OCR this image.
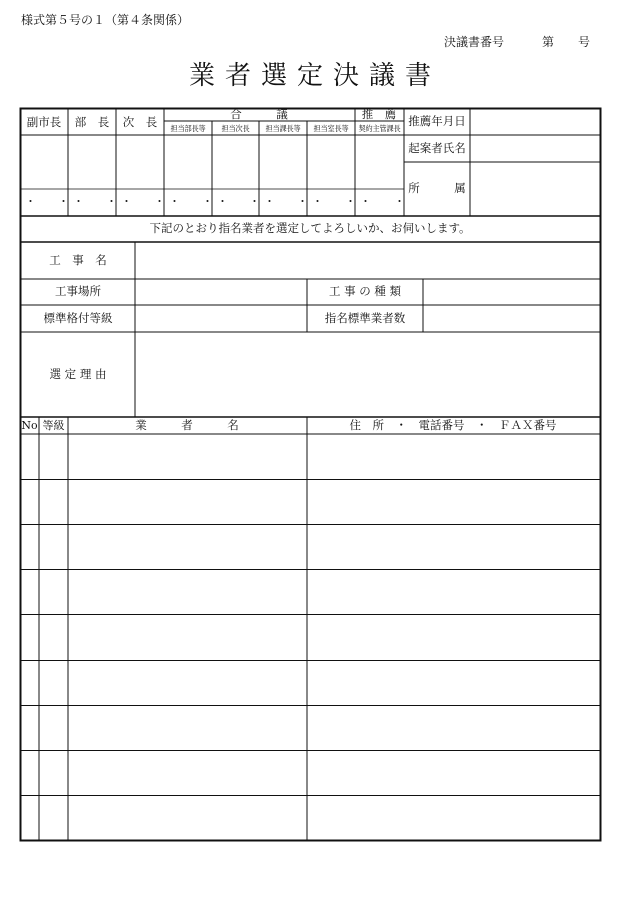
様式第５号の１（第４条関係）
決議書番号	第 号
業者選定決議書
副市長 部　長 次　長
合　　　議	推　薦
担当部長等 担当次長 担当課長等 担当室長等 契約主管課長
推薦年月日
起案者氏名
所　　　属
・ ・ ・ ・ ・ ・ ・ ・ ・ ・ ・ ・ ・ ・ ・ ・
下記のとおり指名業者を選定してよろしいか、お伺いします。
工　事　名
工事場所	工 事 の 種 類
標準格付等級	指名標準業者数
選 定 理 由
No 等級	業　　　者　　　名	住　所　・　電話番号　・　ＦＡＸ番号
